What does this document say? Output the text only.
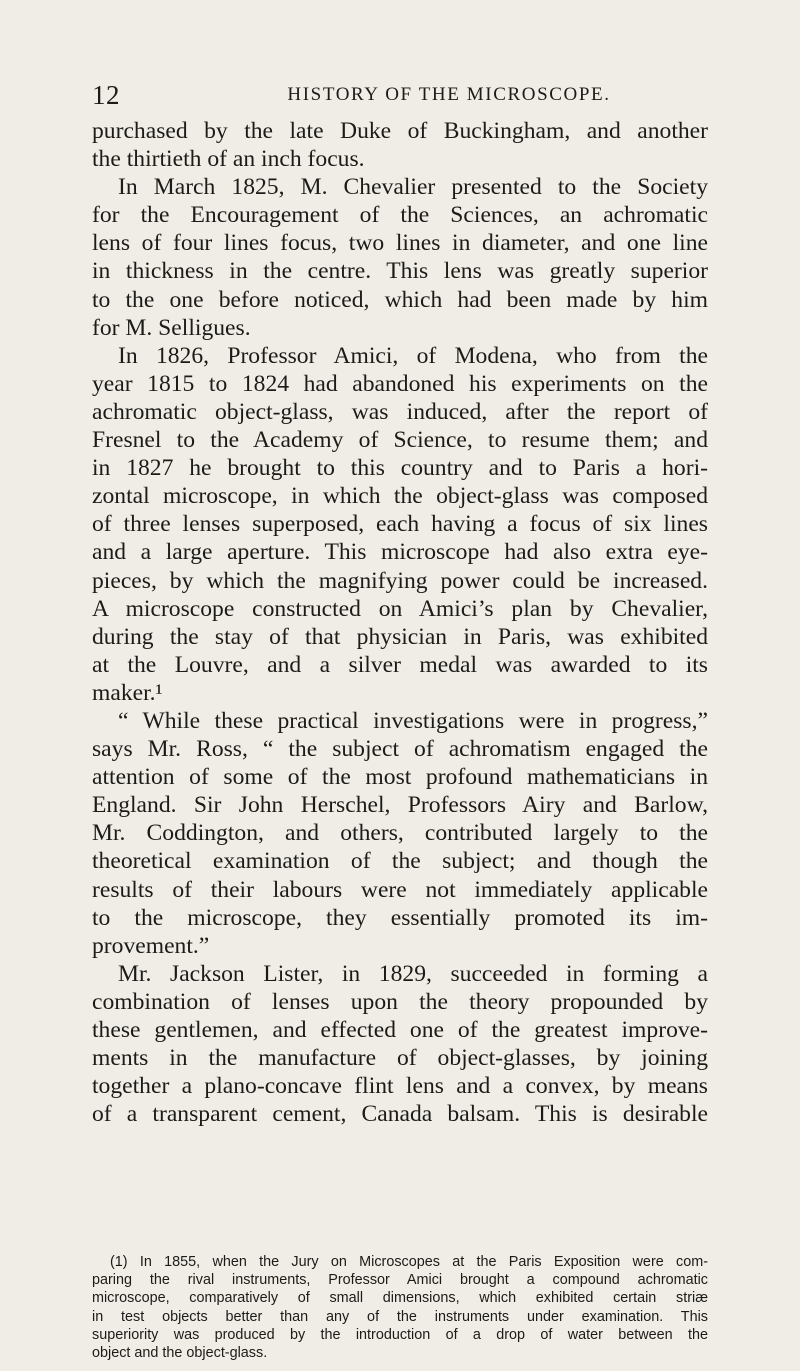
12	HISTORY OF THE MICROSCOPE.
purchased by the late Duke of Buckingham, and another
the thirtieth of an inch focus.
In March 1825, M. Chevalier presented to the Society
for the Encouragement of the Sciences, an achromatic
lens of four lines focus, two lines in diameter, and one line
in thickness in the centre. This lens was greatly superior
to the one before noticed, which had been made by him
for M. Selligues.
In 1826, Professor Amici, of Modena, who from the
year 1815 to 1824 had abandoned his experiments on the
achromatic object-glass, was induced, after the report of
Fresnel to the Academy of Science, to resume them; and
in 1827 he brought to this country and to Paris a hori-
zontal microscope, in which the object-glass was composed
of three lenses superposed, each having a focus of six lines
and a large aperture. This microscope had also extra eye-
pieces, by which the magnifying power could be increased.
A microscope constructed on Amici’s plan by Chevalier,
during the stay of that physician in Paris, was exhibited
at the Louvre, and a silver medal was awarded to its
maker.¹
“ While these practical investigations were in progress,”
says Mr. Ross, “ the subject of achromatism engaged the
attention of some of the most profound mathematicians in
England. Sir John Herschel, Professors Airy and Barlow,
Mr. Coddington, and others, contributed largely to the
theoretical examination of the subject; and though the
results of their labours were not immediately applicable
to the microscope, they essentially promoted its im-
provement.”
Mr. Jackson Lister, in 1829, succeeded in forming a
combination of lenses upon the theory propounded by
these gentlemen, and effected one of the greatest improve-
ments in the manufacture of object-glasses, by joining
together a plano-concave flint lens and a convex, by means
of a transparent cement, Canada balsam. This is desirable
(1) In 1855, when the Jury on Microscopes at the Paris Exposition were com-
paring the rival instruments, Professor Amici brought a compound achromatic
microscope, comparatively of small dimensions, which exhibited certain striæ
in test objects better than any of the instruments under examination. This
superiority was produced by the introduction of a drop of water between the
object and the object-glass.
